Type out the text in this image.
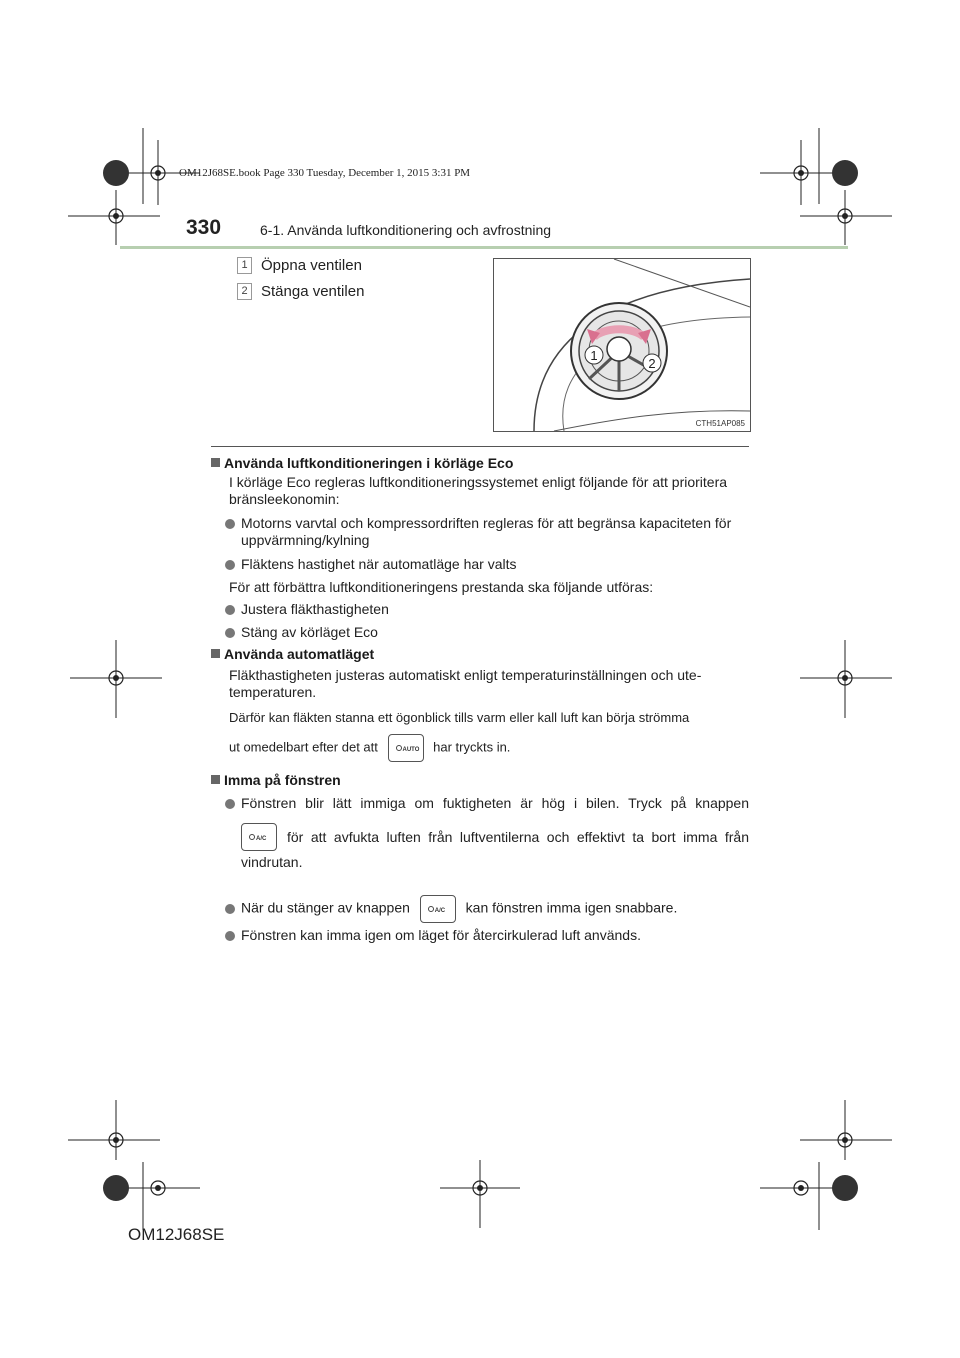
OM12J68SE.book Page 330 Tuesday, December 1, 2015 3:31 PM
330	6-1. Använda luftkonditionering och avfrostning
1 Öppna ventilen
2 Stänga ventilen
1
2
CTH51AP085
Använda luftkonditioneringen i körläge Eco
I körläge Eco regleras luftkonditioneringssystemet enligt följande för att prioritera bränsleekonomin:
Motorns varvtal och kompressordriften regleras för att begränsa kapaciteten för uppvärmning/kylning
Fläktens hastighet när automatläge har valts
För att förbättra luftkonditioneringens prestanda ska följande utföras:
Justera fläkthastigheten
Stäng av körläget Eco
Använda automatläget
Fläkthastigheten justeras automatiskt enligt temperaturinställningen och ute-temperaturen.
Därför kan fläkten stanna ett ögonblick tills varm eller kall luft kan börja strömma
ut omedelbart efter det att	AUTO har tryckts in.
Imma på fönstren
Fönstren blir lätt immiga om fuktigheten är hög i bilen. Tryck på knappen
A/C för att avfukta luften från luftventilerna och effektivt ta bort imma från
vindrutan.
När du stänger av knappen	A/C kan fönstren imma igen snabbare.
Fönstren kan imma igen om läget för återcirkulerad luft används.
OM12J68SE
